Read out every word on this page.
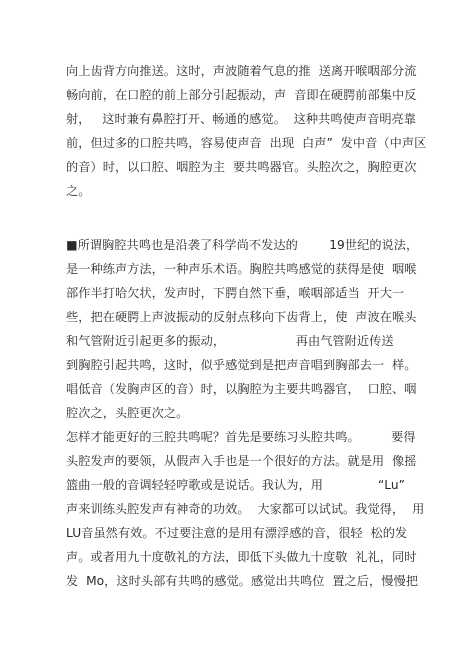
向上齿背方向推送。这时，声波随着气息的推  送离开喉咽部分流
畅向前，在口腔的前上部分引起振动，声  音即在硬腭前部集中反
射，   这时兼有鼻腔打开、畅通的感觉。  这种共鸣使声音明亮靠
前，但过多的口腔共鸣，容易使声音  出现  白声”  发中音（中声区
的音）时，以口腔、咽腔为主  要共鸣器官。头腔次之，胸腔更次
之。
■所谓胸腔共鸣也是沿袭了科学尚不发达的        19世纪的说法，
是一种练声方法，一种声乐术语。胸腔共鸣感觉的获得是使  咽喉
部作半打哈欠状，发声时，下腭自然下垂，喉咽部适当  开大一
些，把在硬腭上声波振动的反射点移向下齿背上，使  声波在喉头
和气管附近引起更多的振动，                  再由气管附近传送
到胸腔引起共鸣，这时，似乎感觉到是把声音唱到胸部去一  样。
唱低音（发胸声区的音）时，以胸腔为主要共鸣器官，  口腔、咽
腔次之，头腔更次之。
怎样才能更好的三腔共鸣呢？首先是要练习头腔共鸣。        要得
头腔发声的要领，从假声入手也是一个很好的方法。就是用  像摇
篮曲一般的音调轻轻哼歌或是说话。我认为，用              “Lu”
声来训练头腔发声有神奇的功效。  大家都可以试试。我觉得，  用
LU音虽然有效。不过要注意的是用有漂浮感的音，很轻  松的发
声。或者用九十度敬礼的方法，即低下头做九十度敬  礼礼，同时
发  Mo，这时头部有共鸣的感觉。感觉出共鸣位  置之后，慢慢把
